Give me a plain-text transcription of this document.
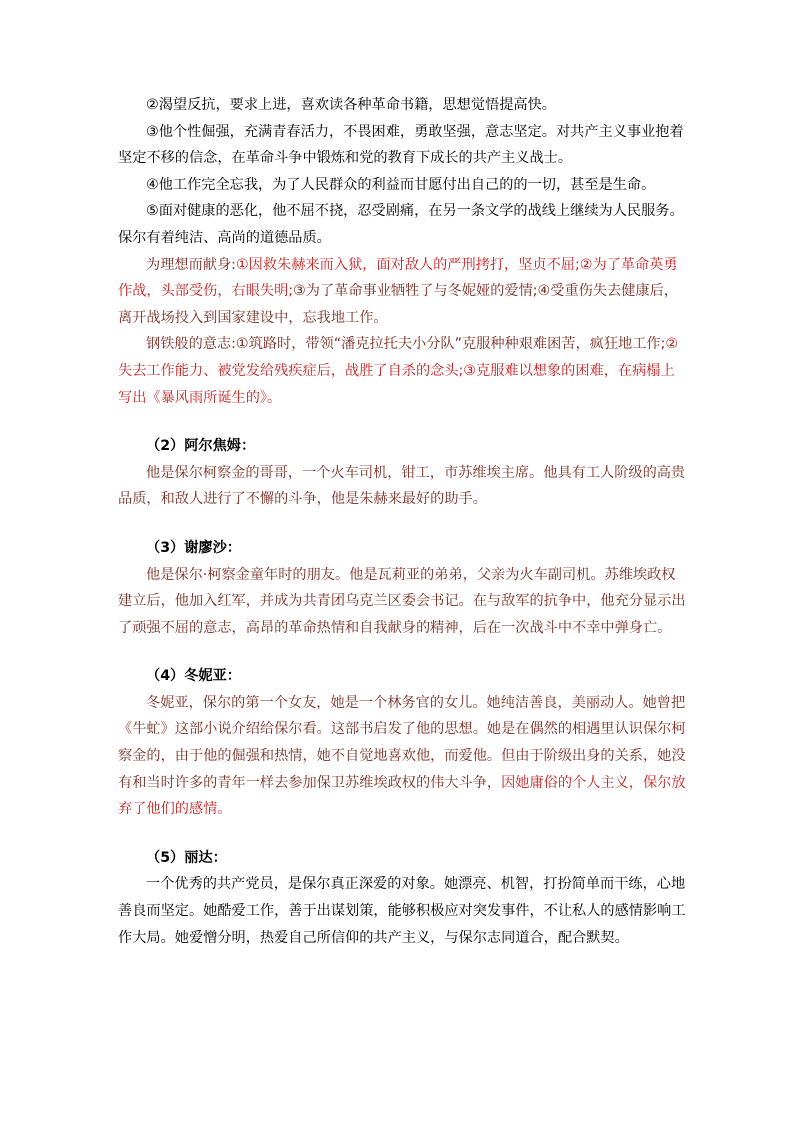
②渴望反抗，要求上进，喜欢读各种革命书籍，思想觉悟提高快。

③他个性倔强，充满青春活力，不畏困难，勇敢坚强，意志坚定。对共产主义事业抱着坚定不移的信念，在革命斗争中锻炼和党的教育下成长的共产主义战士。

④他工作完全忘我，为了人民群众的利益而甘愿付出自己的的一切，甚至是生命。

⑤面对健康的恶化，他不屈不挠，忍受剧痛，在另一条文学的战线上继续为人民服务。保尔有着纯洁、高尚的道德品质。

为理想而献身:①因救朱赫来而入狱，面对敌人的严刑拷打，坚贞不屈;②为了革命英勇作战，头部受伤，右眼失明;③为了革命事业牺牲了与冬妮娅的爱情;④受重伤失去健康后，离开战场投入到国家建设中，忘我地工作。

钢铁般的意志:①筑路时，带领“潘克拉托夫小分队”克服种种艰难困苦，疯狂地工作;②失去工作能力、被党发给残疾症后，战胜了自杀的念头;③克服难以想象的困难，在病榻上写出《暴风雨所诞生的》。

（2）阿尔焦姆：

他是保尔柯察金的哥哥，一个火车司机，钳工，市苏维埃主席。他具有工人阶级的高贵品质，和敌人进行了不懈的斗争，他是朱赫来最好的助手。

（3）谢廖沙：

他是保尔·柯察金童年时的朋友。他是瓦莉亚的弟弟，父亲为火车副司机。苏维埃政权建立后，他加入红军，并成为共青团乌克兰区委会书记。在与敌军的抗争中，他充分显示出了顽强不屈的意志，高昂的革命热情和自我献身的精神，后在一次战斗中不幸中弹身亡。

（4）冬妮亚：

冬妮亚，保尔的第一个女友，她是一个林务官的女儿。她纯洁善良，美丽动人。她曾把《牛虻》这部小说介绍给保尔看。这部书启发了他的思想。她是在偶然的相遇里认识保尔柯察金的，由于他的倔强和热情，她不自觉地喜欢他，而爱他。但由于阶级出身的关系，她没有和当时许多的青年一样去参加保卫苏维埃政权的伟大斗争，因她庸俗的个人主义，保尔放弃了他们的感情。

（5）丽达：

一个优秀的共产党员，是保尔真正深爱的对象。她漂亮、机智，打扮简单而干练，心地善良而坚定。她酷爱工作，善于出谋划策，能够积极应对突发事件，不让私人的感情影响工作大局。她爱憎分明，热爱自己所信仰的共产主义，与保尔志同道合，配合默契。
